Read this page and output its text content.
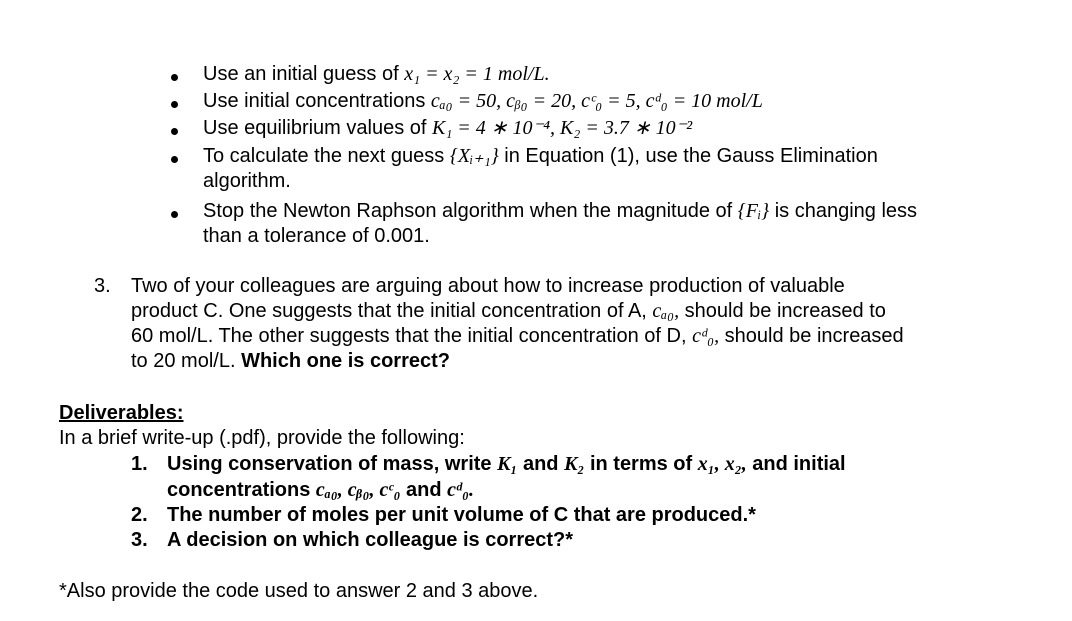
Use an initial guess of x₁ = x₂ = 1 mol/L.
Use initial concentrations cₐ₀ = 50, cᵦ₀ = 20, cᶜ₀ = 5, cᵈ₀ = 10 mol/L
Use equilibrium values of K₁ = 4 ∗ 10⁻⁴, K₂ = 3.7 ∗ 10⁻²
To calculate the next guess {Xᵢ₊₁} in Equation (1), use the Gauss Elimination
algorithm.
Stop the Newton Raphson algorithm when the magnitude of {Fᵢ} is changing less
than a tolerance of 0.001.
3. Two of your colleagues are arguing about how to increase production of valuable
product C. One suggests that the initial concentration of A, cₐ₀, should be increased to
60 mol/L. The other suggests that the initial concentration of D, cᵈ₀, should be increased
to 20 mol/L. Which one is correct?
Deliverables:
In a brief write-up (.pdf), provide the following:
1. Using conservation of mass, write K₁ and K₂ in terms of x₁, x₂, and initial
concentrations cₐ₀, cᵦ₀, cᶜ₀ and cᵈ₀.
2. The number of moles per unit volume of C that are produced.*
3. A decision on which colleague is correct?*
*Also provide the code used to answer 2 and 3 above.
